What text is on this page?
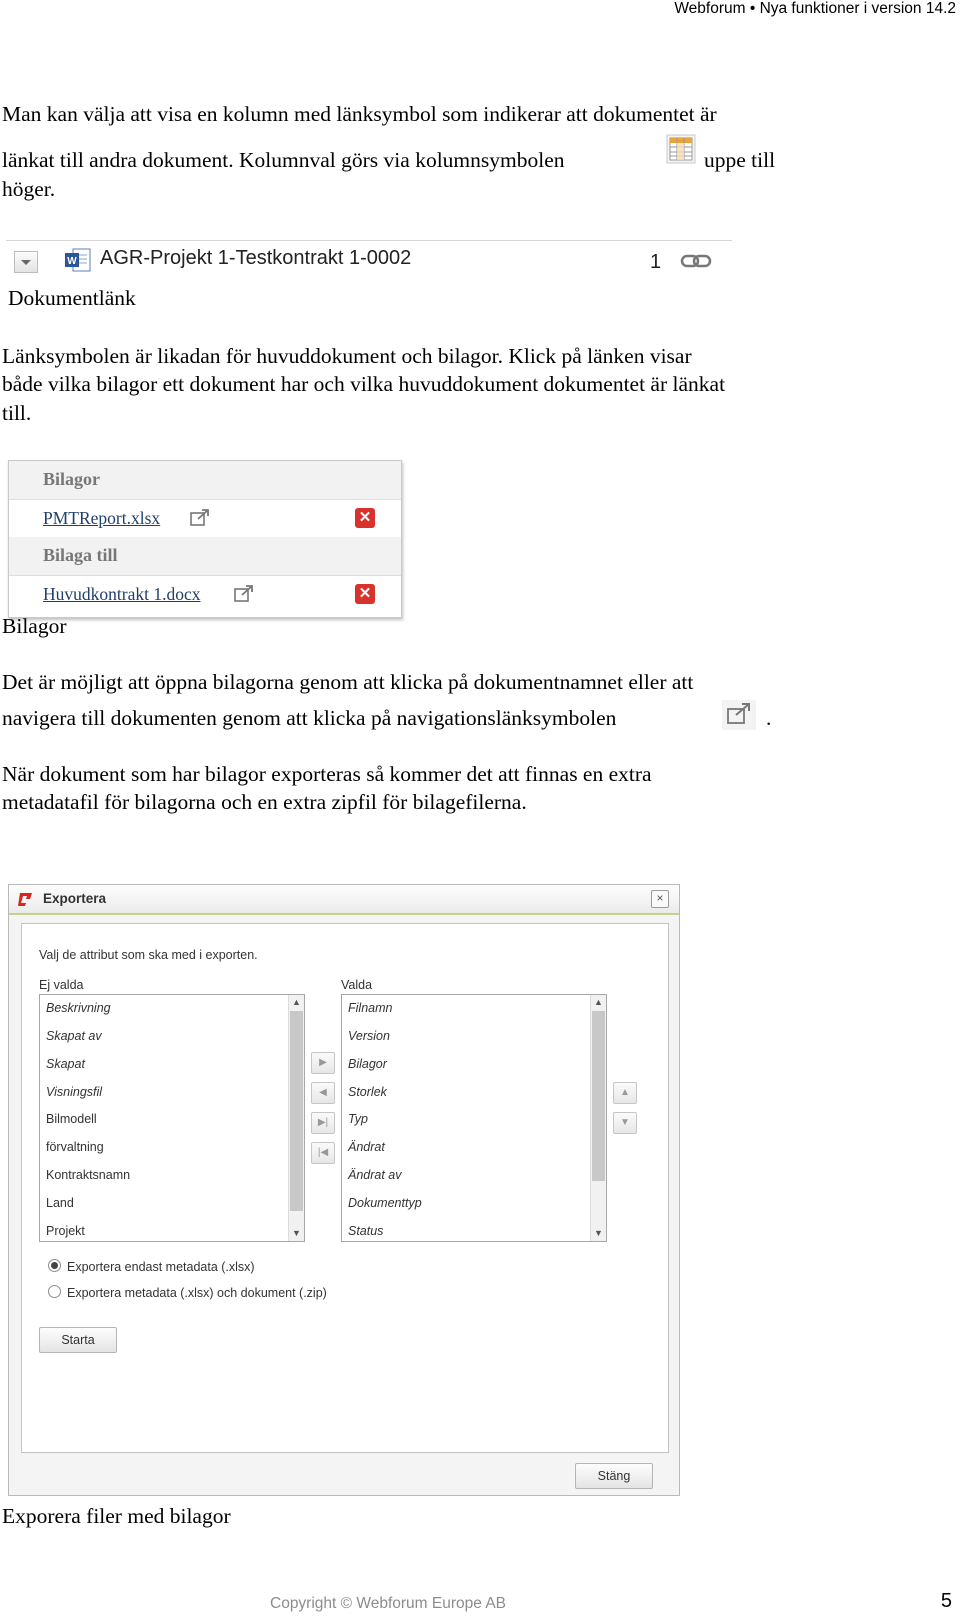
Webforum • Nya funktioner i version 14.2
Man kan välja att visa en kolumn med länksymbol som indikerar att dokumentet är
länkat till andra dokument. Kolumnval görs via kolumnsymbolen	uppe till
höger.
W AGR-Projekt 1-Testkontrakt 1-0002	1
Dokumentlänk
Länksymbolen är likadan för huvuddokument och bilagor. Klick på länken visar
både vilka bilagor ett dokument har och vilka huvuddokument dokumentet är länkat
till.
Bilagor
PMTReport.xlsx	✕
Bilaga till
Huvudkontrakt 1.docx	✕
Bilagor
Det är möjligt att öppna bilagorna genom att klicka på dokumentnamnet eller att
navigera till dokumenten genom att klicka på navigationslänksymbolen	.
När dokument som har bilagor exporteras så kommer det att finnas en extra
metadatafil för bilagorna och en extra zipfil för bilagefilerna.
Exportera	×
Valj de attribut som ska med i exporten.
Ej valda	Valda
Beskrivning
Skapat av
Skapat
Visningsfil
Bilmodell
förvaltning
Kontraktsnamn
Land
Projekt
▲
▼
▶
◀
▶|
|◀
Filnamn
Version
Bilagor
Storlek
Typ
Ändrat
Ändrat av
Dokumenttyp
Status
▲
▼
▲
▼
Exportera endast metadata (.xlsx)
Exportera metadata (.xlsx) och dokument (.zip)
Starta
Stäng
Exporera filer med bilagor
Copyright © Webforum Europe AB	5
